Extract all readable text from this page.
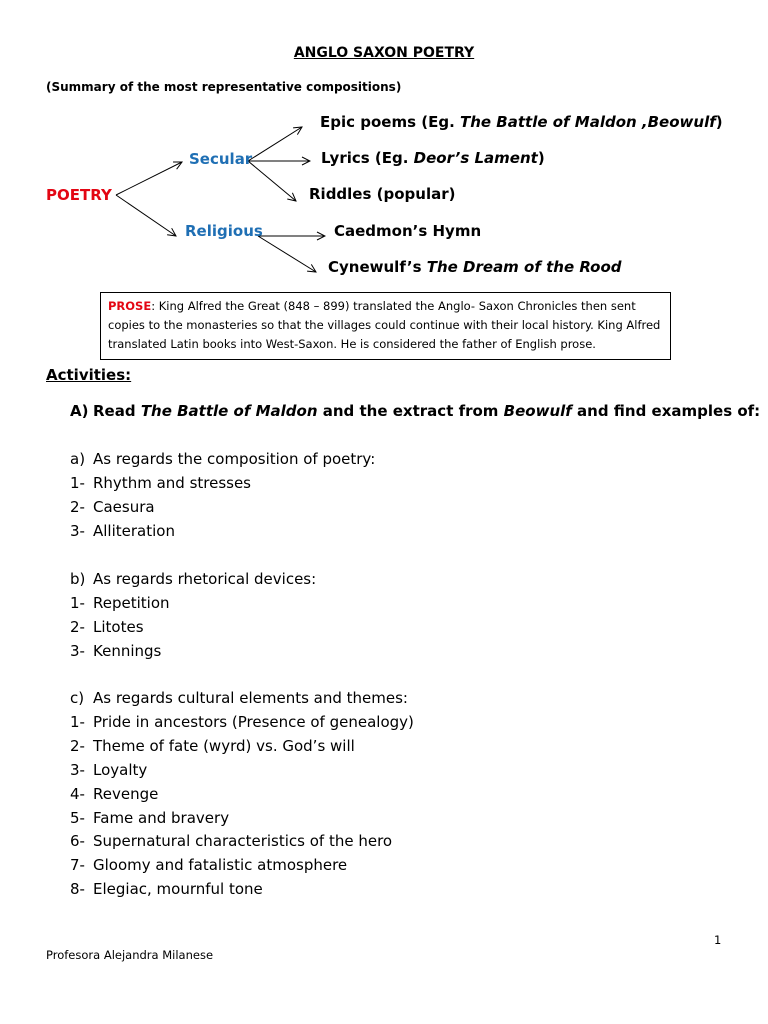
ANGLO SAXON POETRY
(Summary of the most representative compositions)
POETRY
Secular
Religious
Epic poems (Eg. The Battle of Maldon ,Beowulf)
Lyrics (Eg. Deor’s Lament)
Riddles (popular)
Caedmon’s Hymn
Cynewulf’s The Dream of the Rood
PROSE: King Alfred the Great (848 – 899) translated the Anglo- Saxon Chronicles then sent copies to the monasteries so that the villages could continue with their local history. King Alfred translated Latin books into West-Saxon. He is considered the father of English prose.
Activities:
A) Read The Battle of Maldon and the extract from Beowulf and find examples of:
a) As regards the composition of poetry:
1- Rhythm and stresses
2- Caesura
3- Alliteration
b) As regards rhetorical devices:
1- Repetition
2- Litotes
3- Kennings
c) As regards cultural elements and themes:
1- Pride in ancestors (Presence of genealogy)
2- Theme of fate (wyrd) vs. God’s will
3- Loyalty
4- Revenge
5- Fame and bravery
6- Supernatural characteristics of the hero
7- Gloomy and fatalistic atmosphere
8- Elegiac, mournful tone
1
Profesora Alejandra Milanese
